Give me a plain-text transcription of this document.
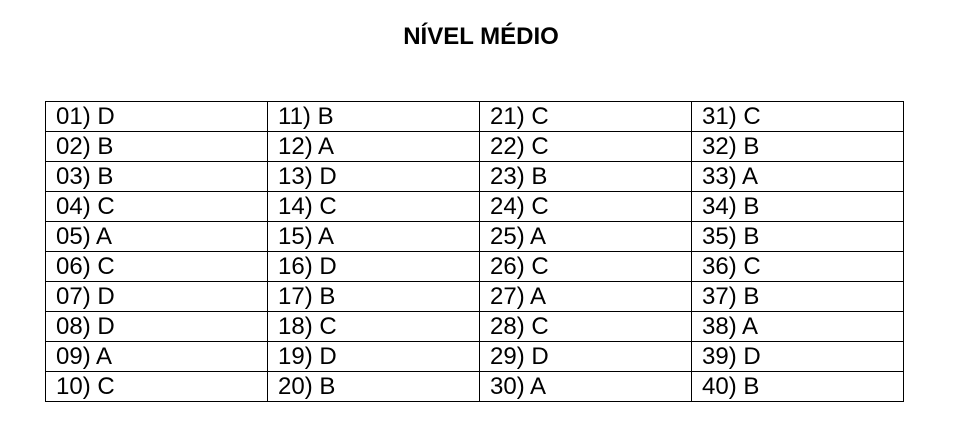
NÍVEL MÉDIO
01) D	11) B	21) C	31) C
02) B	12) A	22) C	32) B
03) B	13) D	23) B	33) A
04) C	14) C	24) C	34) B
05) A	15) A	25) A	35) B
06) C	16) D	26) C	36) C
07) D	17) B	27) A	37) B
08) D	18) C	28) C	38) A
09) A	19) D	29) D	39) D
10) C	20) B	30) A	40) B
